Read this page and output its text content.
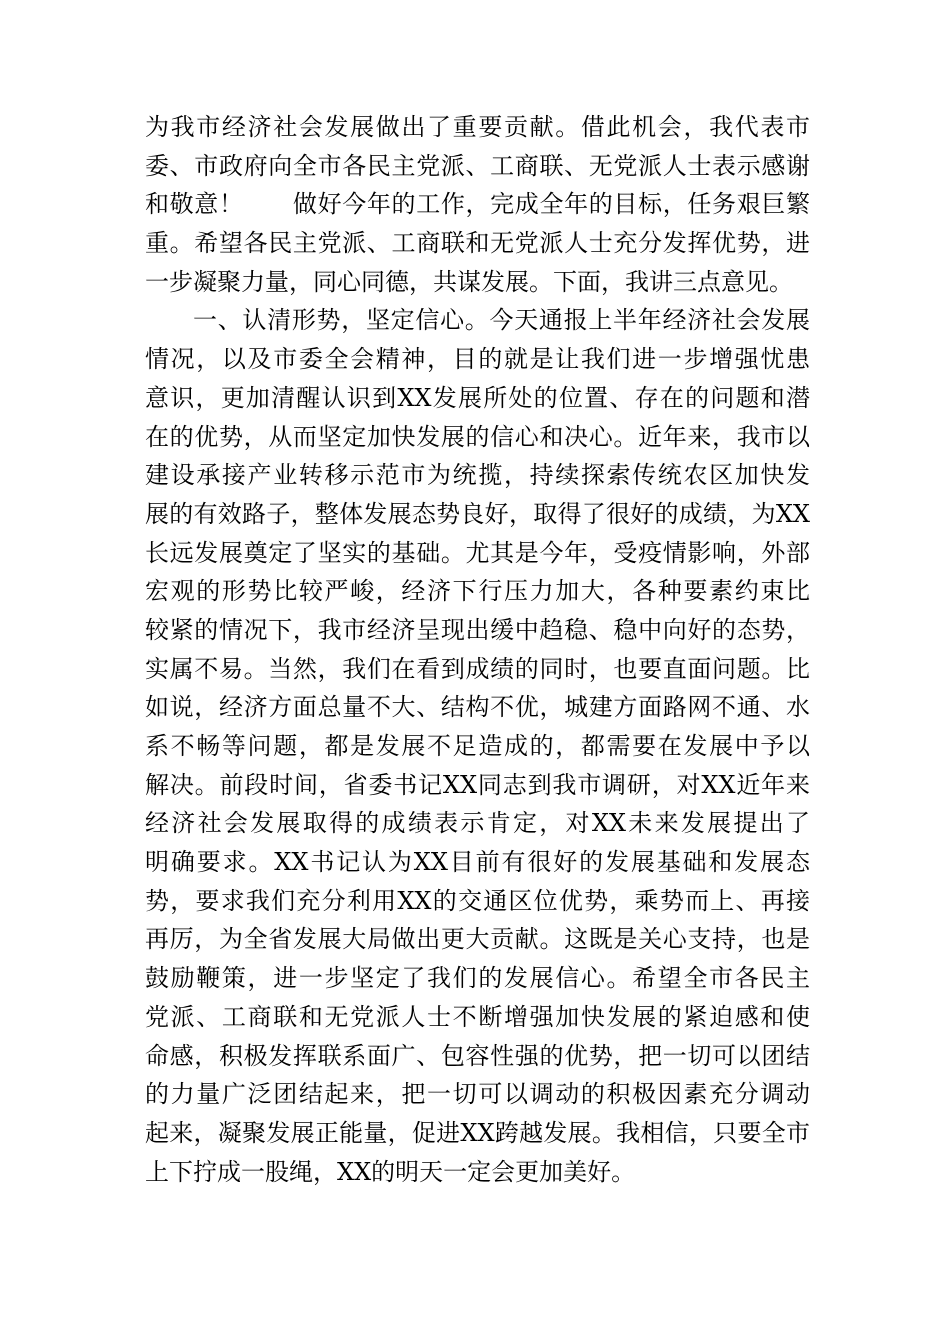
为我市经济社会发展做出了重要贡献。借此机会，我代表市
委、市政府向全市各民主党派、工商联、无党派人士表示感谢
和敬意！　　做好今年的工作，完成全年的目标，任务艰巨繁
重。希望各民主党派、工商联和无党派人士充分发挥优势，进
一步凝聚力量，同心同德，共谋发展。下面，我讲三点意见。
一、认清形势，坚定信心。今天通报上半年经济社会发展
情况，以及市委全会精神，目的就是让我们进一步增强忧患
意识，更加清醒认识到XX发展所处的位置、存在的问题和潜
在的优势，从而坚定加快发展的信心和决心。近年来，我市以
建设承接产业转移示范市为统揽，持续探索传统农区加快发
展的有效路子，整体发展态势良好，取得了很好的成绩，为XX
长远发展奠定了坚实的基础。尤其是今年，受疫情影响，外部
宏观的形势比较严峻，经济下行压力加大，各种要素约束比
较紧的情况下，我市经济呈现出缓中趋稳、稳中向好的态势，
实属不易。当然，我们在看到成绩的同时，也要直面问题。比
如说，经济方面总量不大、结构不优，城建方面路网不通、水
系不畅等问题，都是发展不足造成的，都需要在发展中予以
解决。前段时间，省委书记XX同志到我市调研，对XX近年来
经济社会发展取得的成绩表示肯定，对XX未来发展提出了
明确要求。XX书记认为XX目前有很好的发展基础和发展态
势，要求我们充分利用XX的交通区位优势，乘势而上、再接
再厉，为全省发展大局做出更大贡献。这既是关心支持，也是
鼓励鞭策，进一步坚定了我们的发展信心。希望全市各民主
党派、工商联和无党派人士不断增强加快发展的紧迫感和使
命感，积极发挥联系面广、包容性强的优势，把一切可以团结
的力量广泛团结起来，把一切可以调动的积极因素充分调动
起来，凝聚发展正能量，促进XX跨越发展。我相信，只要全市
上下拧成一股绳，XX的明天一定会更加美好。
